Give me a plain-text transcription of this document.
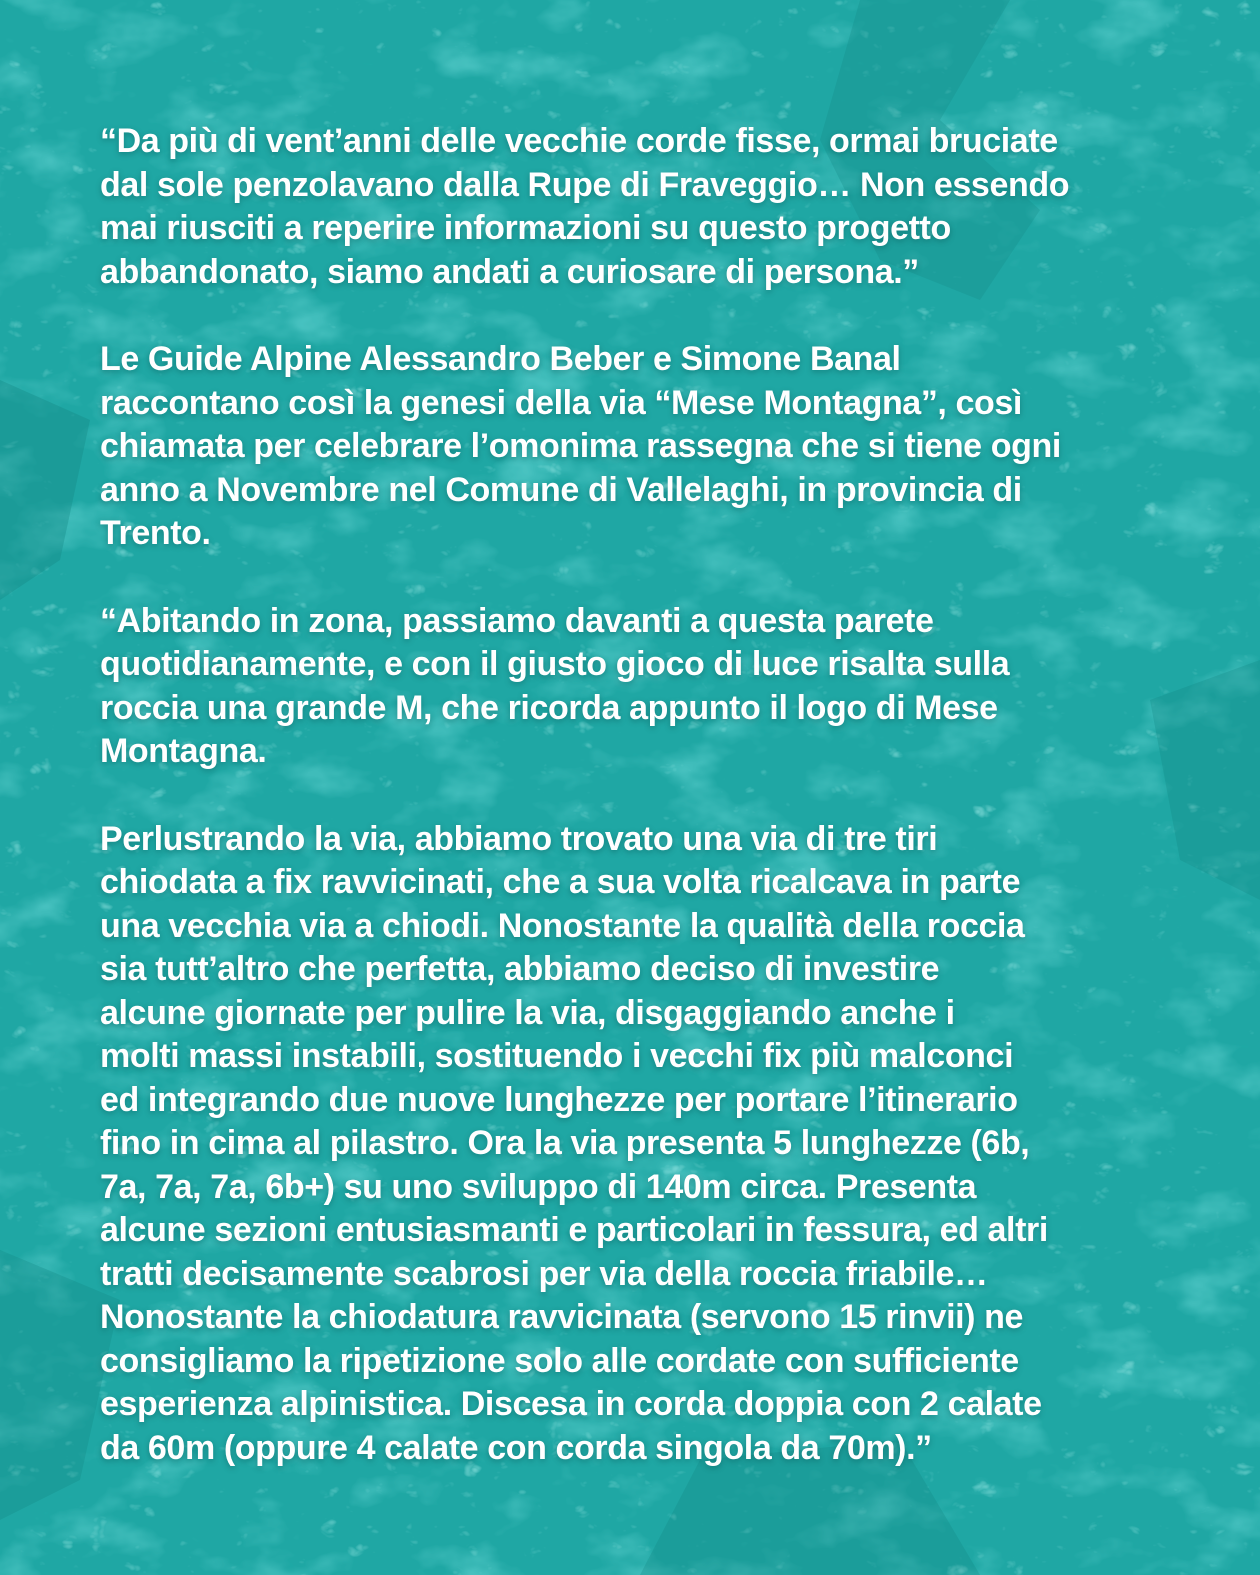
“Da più di vent’anni delle vecchie corde fisse, ormai bruciate
dal sole penzolavano dalla Rupe di Fraveggio… Non essendo
mai riusciti a reperire informazioni su questo progetto
abbandonato, siamo andati a curiosare di persona.”

Le Guide Alpine Alessandro Beber e Simone Banal
raccontano così la genesi della via “Mese Montagna”, così
chiamata per celebrare l’omonima rassegna che si tiene ogni
anno a Novembre nel Comune di Vallelaghi, in provincia di
Trento.

“Abitando in zona, passiamo davanti a questa parete
quotidianamente, e con il giusto gioco di luce risalta sulla
roccia una grande M, che ricorda appunto il logo di Mese
Montagna.

Perlustrando la via, abbiamo trovato una via di tre tiri
chiodata a fix ravvicinati, che a sua volta ricalcava in parte
una vecchia via a chiodi. Nonostante la qualità della roccia
sia tutt’altro che perfetta, abbiamo deciso di investire
alcune giornate per pulire la via, disgaggiando anche i
molti massi instabili, sostituendo i vecchi fix più malconci
ed integrando due nuove lunghezze per portare l’itinerario
fino in cima al pilastro. Ora la via presenta 5 lunghezze (6b,
7a, 7a, 7a, 6b+) su uno sviluppo di 140m circa. Presenta
alcune sezioni entusiasmanti e particolari in fessura, ed altri
tratti decisamente scabrosi per via della roccia friabile…
Nonostante la chiodatura ravvicinata (servono 15 rinvii) ne
consigliamo la ripetizione solo alle cordate con sufficiente
esperienza alpinistica. Discesa in corda doppia con 2 calate
da 60m (oppure 4 calate con corda singola da 70m).”
